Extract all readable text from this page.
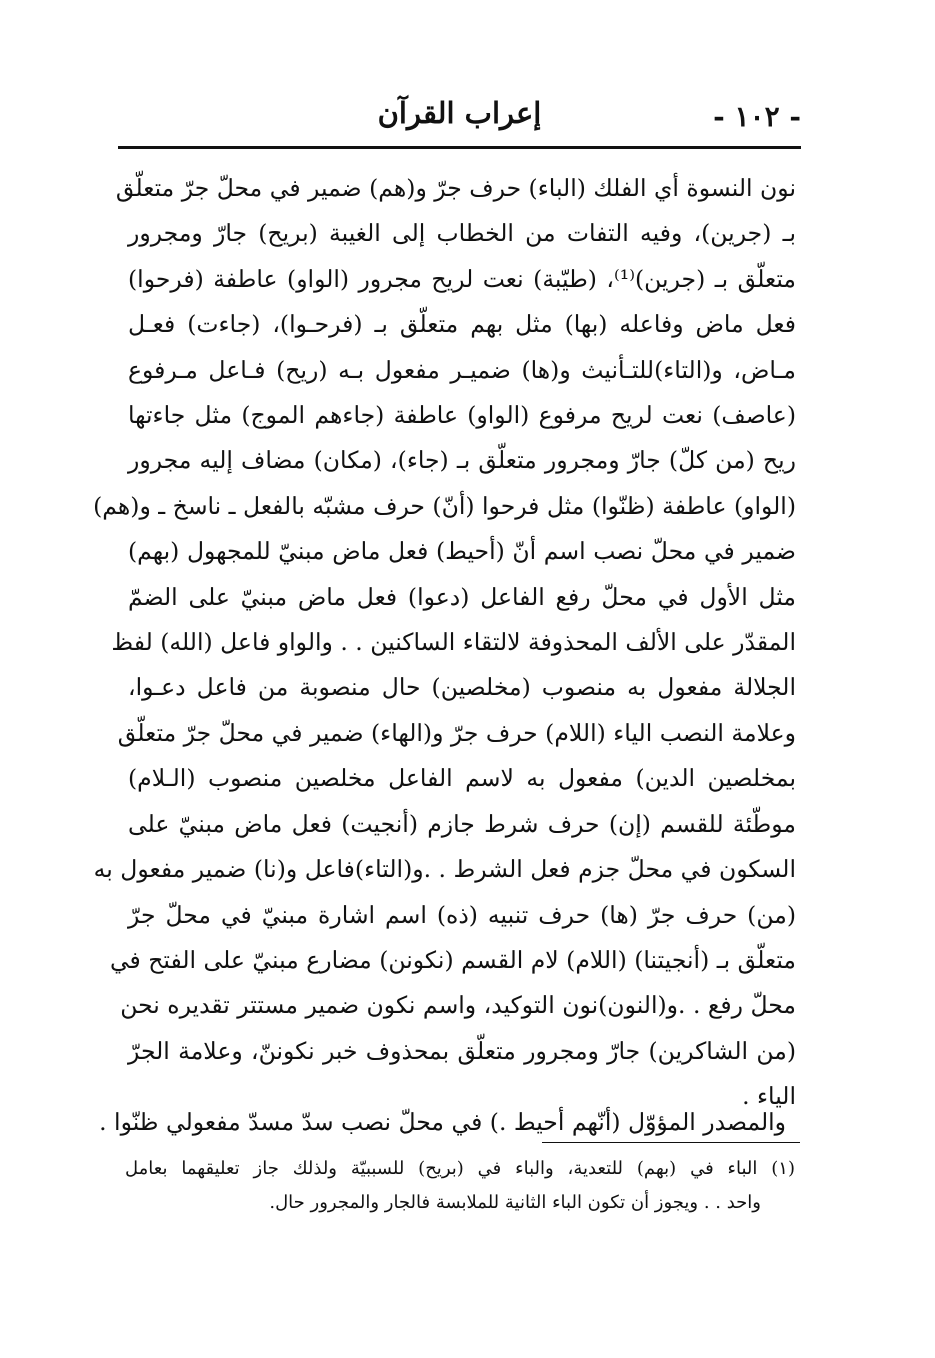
- ١٠٢ -
إعراب القرآن

نون النسوة أي الفلك (الباء) حرف جرّ و(هم) ضمير في محلّ جرّ متعلّق

بـ (جرين)، وفيه التفات من الخطاب إلى الغيبة (بريح) جارّ ومجرور

متعلّق بـ (جرين)⁽¹⁾، (طيّبة) نعت لريح مجرور (الواو) عاطفة (فرحوا)

فعل ماض وفاعله (بها) مثل بهم متعلّق بـ (فرحـوا)، (جاءت) فعـل

مـاض، و(التاء)للتـأنيث و(ها) ضميـر مفعول بـه (ريح) فـاعل مـرفوع

(عاصف) نعت لريح مرفوع (الواو) عاطفة (جاءهم الموج) مثل جاءتها

ريح (من كلّ) جارّ ومجرور متعلّق بـ (جاء)، (مكان) مضاف إليه مجرور

(الواو) عاطفة (ظنّوا) مثل فرحوا (أنّ) حرف مشبّه بالفعل ـ ناسخ ـ و(هم)

ضمير في محلّ نصب اسم أنّ (أحيط) فعل ماض مبنيّ للمجهول (بهم)

مثل الأول في محلّ رفع الفاعل (دعوا) فعل ماض مبنيّ على الضمّ

المقدّر على الألف المحذوفة لالتقاء الساكنين . . والواو فاعل (الله) لفظ

الجلالة مفعول به منصوب (مخلصين) حال منصوبة من فاعل دعـوا،

وعلامة النصب الياء (اللام) حرف جرّ و(الهاء) ضمير في محلّ جرّ متعلّق

بمخلصين الدين) مفعول به لاسم الفاعل مخلصين منصوب (الـلام)

موطّئة للقسم (إن) حرف شرط جازم (أنجيت) فعل ماض مبنيّ على

السكون في محلّ جزم فعل الشرط . .و(التاء)فاعل و(نا) ضمير مفعول به

(من) حرف جرّ (ها) حرف تنبيه (ذه) اسم اشارة مبنيّ في محلّ جرّ

متعلّق بـ (أنجيتنا) (اللام) لام القسم (نكونن) مضارع مبنيّ على الفتح في

محلّ رفع . .و(النون)نون التوكيد، واسم نكون ضمير مستتر تقديره نحن

(من الشاكرين) جارّ ومجرور متعلّق بمحذوف خبر نكوننّ، وعلامة الجرّ

الياء .

والمصدر المؤوّل (أنّهم أحيط .) في محلّ نصب سدّ مسدّ مفعولي ظنّوا .

(١) الباء في (بهم) للتعدية، والباء في (بريح) للسببيّة ولذلك جاز تعليقهما بعامل

واحد . . ويجوز أن تكون الباء الثانية للملابسة فالجار والمجرور حال.
